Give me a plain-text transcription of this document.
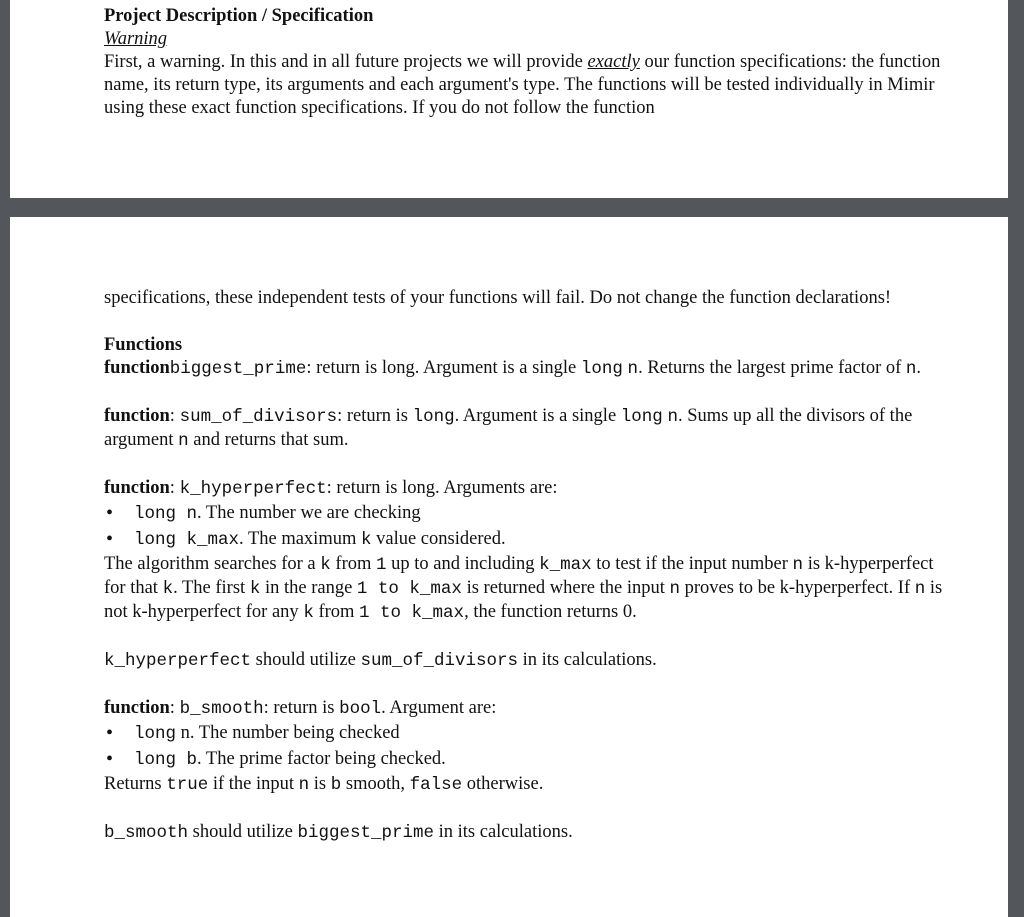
Project Description / Specification

Warning

First, a warning. In this and in all future projects we will provide exactly our function specifications: the function name, its return type, its arguments and each argument's type. The functions will be tested individually in Mimir using these exact function specifications. If you do not follow the function

specifications, these independent tests of your functions will fail. Do not change the function declarations!

Functions

functionbiggest_prime: return is long. Argument is a single long n. Returns the largest prime factor of n.

function: sum_of_divisors: return is long. Argument is a single long n. Sums up all the divisors of the argument n and returns that sum.

function: k_hyperperfect: return is long. Arguments are:

• long n. The number we are checking
• long k_max. The maximum k value considered.

The algorithm searches for a k from 1 up to and including k_max to test if the input number n is k-hyperperfect for that k. The first k in the range 1 to k_max is returned where the input n proves to be k-hyperperfect. If n is not k-hyperperfect for any k from 1 to k_max, the function returns 0.

k_hyperperfect should utilize sum_of_divisors in its calculations.

function: b_smooth: return is bool. Argument are:

• long n. The number being checked
• long b. The prime factor being checked.

Returns true if the input n is b smooth, false otherwise.

b_smooth should utilize biggest_prime in its calculations.
